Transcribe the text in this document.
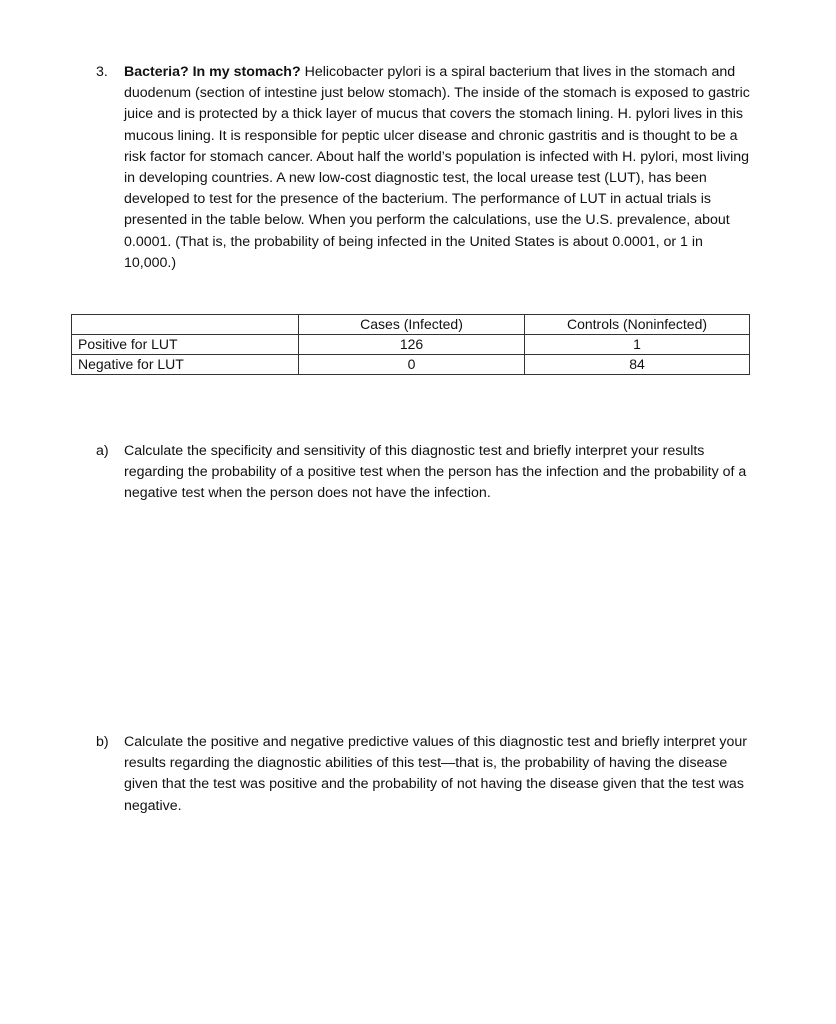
3. Bacteria? In my stomach? Helicobacter pylori is a spiral bacterium that lives in the stomach and duodenum (section of intestine just below stomach). The inside of the stomach is exposed to gastric juice and is protected by a thick layer of mucus that covers the stomach lining. H. pylori lives in this mucous lining. It is responsible for peptic ulcer disease and chronic gastritis and is thought to be a risk factor for stomach cancer. About half the world’s population is infected with H. pylori, most living in developing countries. A new low-cost diagnostic test, the local urease test (LUT), has been developed to test for the presence of the bacterium. The performance of LUT in actual trials is presented in the table below. When you perform the calculations, use the U.S. prevalence, about 0.0001. (That is, the probability of being infected in the United States is about 0.0001, or 1 in 10,000.)
	Cases (Infected)	Controls (Noninfected)
Positive for LUT	126	1
Negative for LUT	0	84
a) Calculate the specificity and sensitivity of this diagnostic test and briefly interpret your results regarding the probability of a positive test when the person has the infection and the probability of a negative test when the person does not have the infection.
b) Calculate the positive and negative predictive values of this diagnostic test and briefly interpret your results regarding the diagnostic abilities of this test—that is, the probability of having the disease given that the test was positive and the probability of not having the disease given that the test was negative.
